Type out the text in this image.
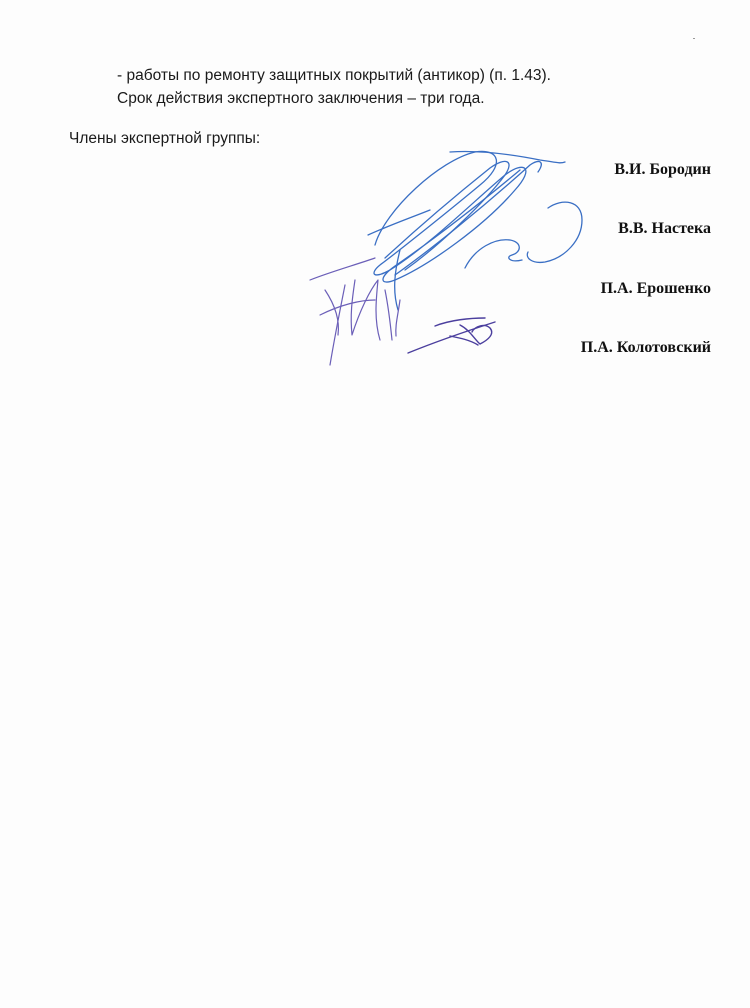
- работы по ремонту защитных покрытий (антикор) (п. 1.43).
Срок действия экспертного заключения – три года.
Члены экспертной группы:
В.И. Бородин
В.В. Настека
П.А. Ерошенко
П.А. Колотовский
